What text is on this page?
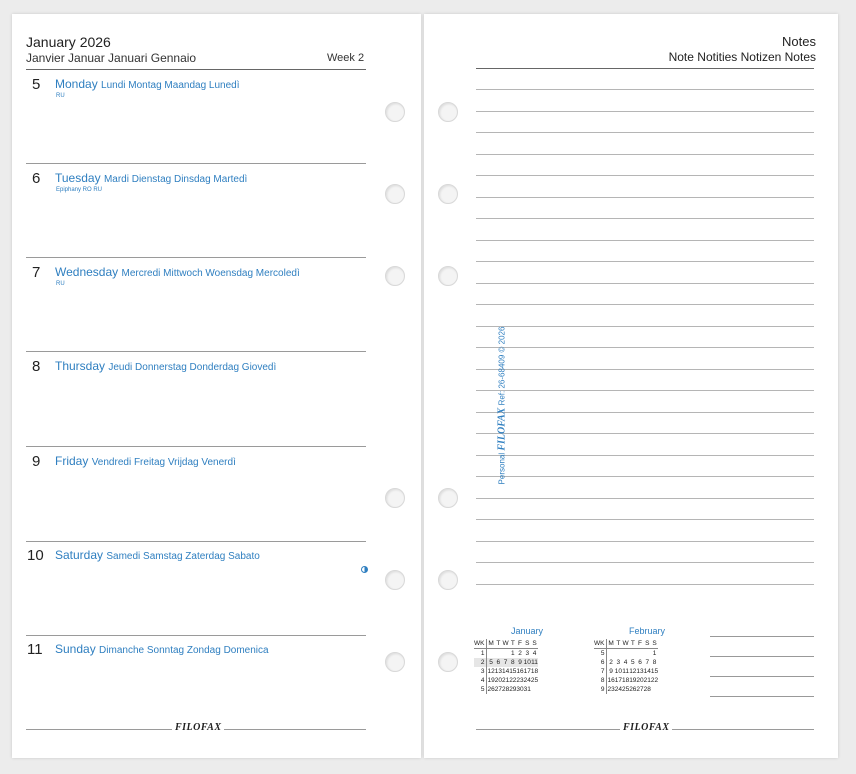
January 2026
Janvier Januar Januari Gennaio	Week 2
5 Monday Lundi Montag Maandag Lunedì
RU
6 Tuesday Mardi Dienstag Dinsdag Martedì
Epiphany RO RU
7 Wednesday Mercredi Mittwoch Woensdag Mercoledì
RU
8 Thursday Jeudi Donnerstag Donderdag Giovedì
9 Friday Vendredi Freitag Vrijdag Venerdì
10 Saturday Samedi Samstag Zaterdag Sabato
11 Sunday Dimanche Sonntag Zondag Domenica
FILOFAX
Notes
Note Notities Notizen Notes
Personal FILOFAX Ref: 26-68409 © 2026
January
WK	M	T	W	T	F	S	S
1				1	2	3	4
2	5	6	7	8	9	10	11
3	12	13	14	15	16	17	18
4	19	20	21	22	23	24	25
5	26	27	28	29	30	31	
February
WK	M	T	W	T	F	S	S
5							1
6	2	3	4	5	6	7	8
7	9	10	11	12	13	14	15
8	16	17	18	19	20	21	22
9	23	24	25	26	27	28	
FILOFAX
